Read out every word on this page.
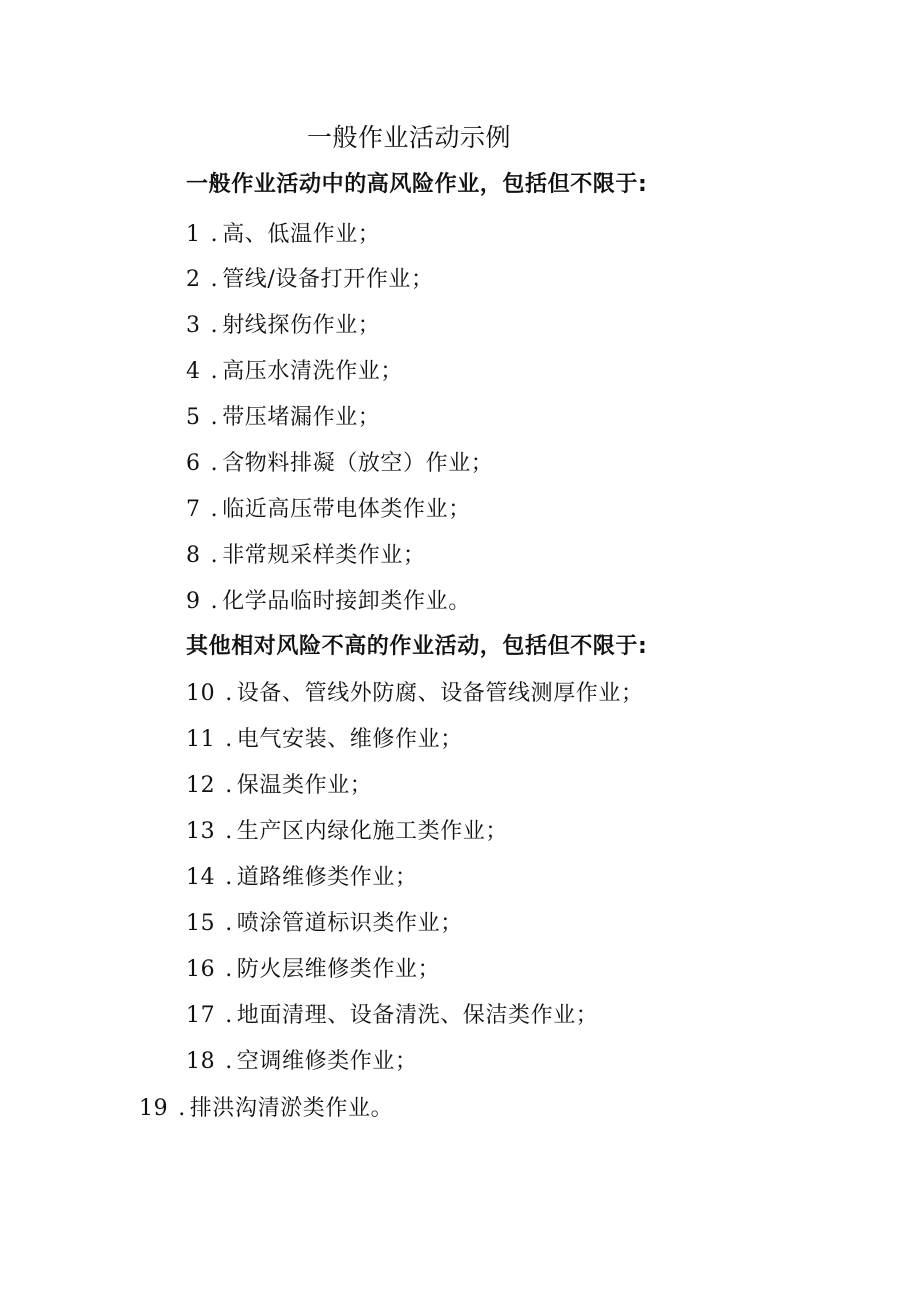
一般作业活动示例
一般作业活动中的高风险作业，包括但不限于:
1 . 高、低温作业；
2 . 管线/设备打开作业；
3 . 射线探伤作业；
4 . 高压水清洗作业；
5 . 带压堵漏作业；
6 . 含物料排凝（放空）作业；
7 . 临近高压带电体类作业；
8 . 非常规采样类作业；
9 . 化学品临时接卸类作业。
其他相对风险不高的作业活动，包括但不限于:
10 . 设备、管线外防腐、设备管线测厚作业；
11 . 电气安装、维修作业；
12 . 保温类作业；
13 . 生产区内绿化施工类作业；
14 . 道路维修类作业；
15 . 喷涂管道标识类作业；
16 . 防火层维修类作业；
17 . 地面清理、设备清洗、保洁类作业；
18 . 空调维修类作业；
19 . 排洪沟清淤类作业。
